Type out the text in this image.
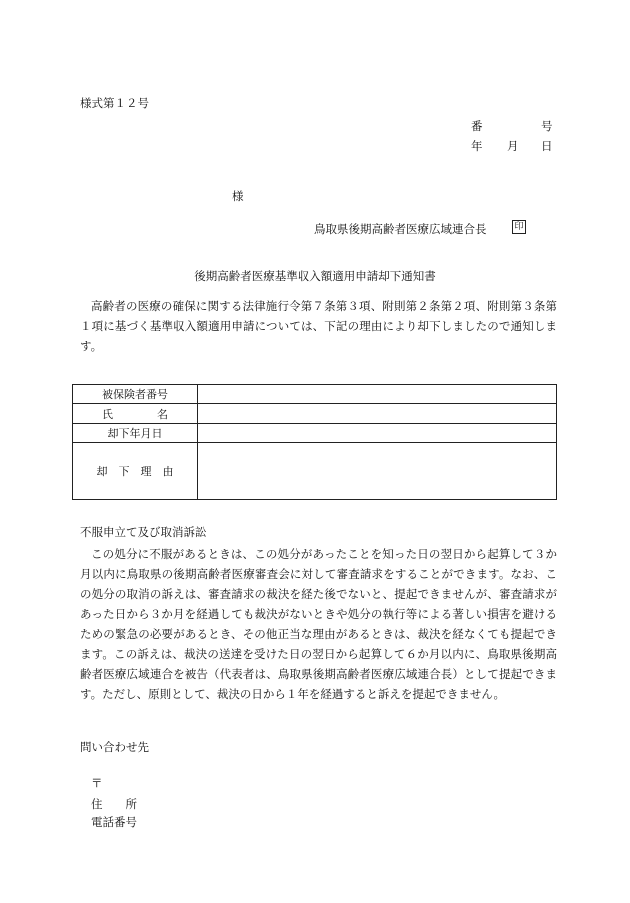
様式第１２号
番	号
年 月 日
様
鳥取県後期高齢者医療広域連合長	印
後期高齢者医療基準収入額適用申請却下通知書
高齢者の医療の確保に関する法律施行令第７条第３項、附則第２条第２項、附則第３条第１項に基づく基準収入額適用申請については、下記の理由により却下しましたので通知します。
被保険者番号	
氏　　　　名	
却下年月日	
却　下　理　由	
不服申立て及び取消訴訟
この処分に不服があるときは、この処分があったことを知った日の翌日から起算して３か月以内に鳥取県の後期高齢者医療審査会に対して審査請求をすることができます。なお、この処分の取消の訴えは、審査請求の裁決を経た後でないと、提起できませんが、審査請求があった日から３か月を経過しても裁決がないときや処分の執行等による著しい損害を避けるための緊急の必要があるとき、その他正当な理由があるときは、裁決を経なくても提起できます。この訴えは、裁決の送達を受けた日の翌日から起算して６か月以内に、鳥取県後期高齢者医療広域連合を被告（代表者は、鳥取県後期高齢者医療広域連合長）として提起できます。ただし、原則として、裁決の日から１年を経過すると訴えを提起できません。
問い合わせ先
〒
住　　所
電話番号
